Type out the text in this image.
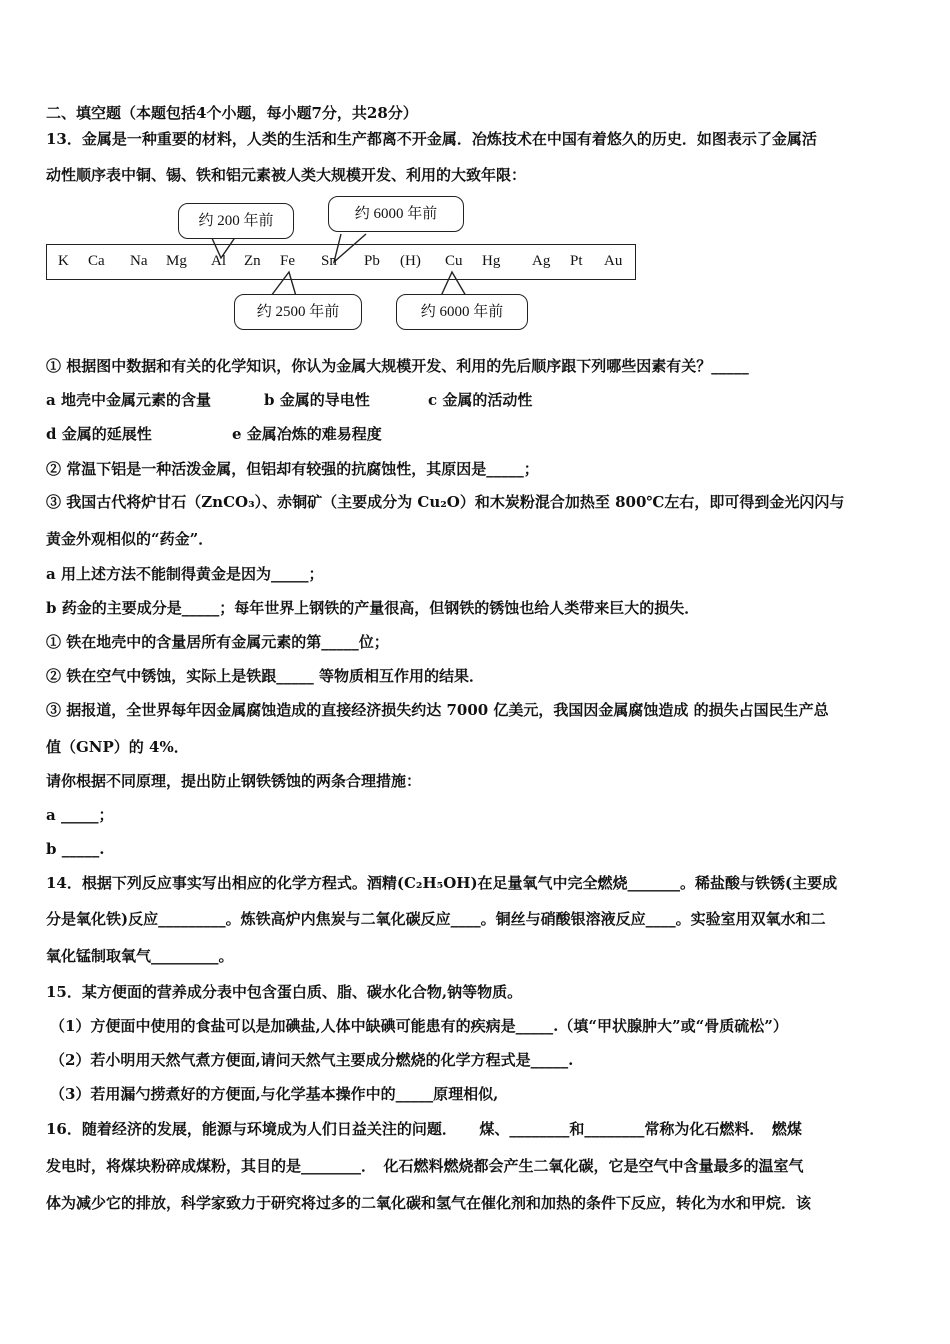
二、填空题（本题包括4个小题，每小题7分，共28分）
13．金属是一种重要的材料，人类的生活和生产都离不开金属．冶炼技术在中国有着悠久的历史．如图表示了金属活
动性顺序表中铜、锡、铁和铝元素被人类大规模开发、利用的大致年限：
K Ca Na Mg Al Zn Fe Sn Pb (H) Cu Hg Ag Pt Au
约 200 年前	约 6000 年前
约 2500 年前	约 6000 年前
① 根据图中数据和有关的化学知识，你认为金属大规模开发、利用的先后顺序跟下列哪些因素有关？_____
a 地壳中金属元素的含量	b 金属的导电性	c 金属的活动性
d 金属的延展性	e 金属冶炼的难易程度
② 常温下铝是一种活泼金属，但铝却有较强的抗腐蚀性，其原因是_____；
③ 我国古代将炉甘石（ZnCO₃）、赤铜矿（主要成分为 Cu₂O）和木炭粉混合加热至 800℃左右，即可得到金光闪闪与
黄金外观相似的“药金”．
a 用上述方法不能制得黄金是因为_____；
b 药金的主要成分是_____；每年世界上钢铁的产量很高，但钢铁的锈蚀也给人类带来巨大的损失．
① 铁在地壳中的含量居所有金属元素的第_____位；
② 铁在空气中锈蚀，实际上是铁跟_____ 等物质相互作用的结果．
③ 据报道，全世界每年因金属腐蚀造成的直接经济损失约达 7000 亿美元，我国因金属腐蚀造成 的损失占国民生产总
值（GNP）的 4%．
请你根据不同原理，提出防止钢铁锈蚀的两条合理措施：
a _____；
b _____.
14．根据下列反应事实写出相应的化学方程式。酒精(C₂H₅OH)在足量氧气中完全燃烧_______。稀盐酸与铁锈(主要成
分是氧化铁)反应_________。炼铁高炉内焦炭与二氧化碳反应____。铜丝与硝酸银溶液反应____。实验室用双氧水和二
氧化锰制取氧气_________。
15．某方便面的营养成分表中包含蛋白质、脂、碳水化合物,钠等物质。
（1）方便面中使用的食盐可以是加碘盐,人体中缺碘可能患有的疾病是_____.（填“甲状腺肿大”或“骨质硫松”）
（2）若小明用天然气煮方便面,请问天然气主要成分燃烧的化学方程式是_____.
（3）若用漏勺捞煮好的方便面,与化学基本操作中的_____原理相似,
16．随着经济的发展，能源与环境成为人们日益关注的问题．　　煤、________和________常称为化石燃料．　燃煤
发电时，将煤块粉碎成煤粉，其目的是________．　化石燃料燃烧都会产生二氧化碳，它是空气中含量最多的温室气
体为减少它的排放，科学家致力于研究将过多的二氧化碳和氢气在催化剂和加热的条件下反应，转化为水和甲烷．该
